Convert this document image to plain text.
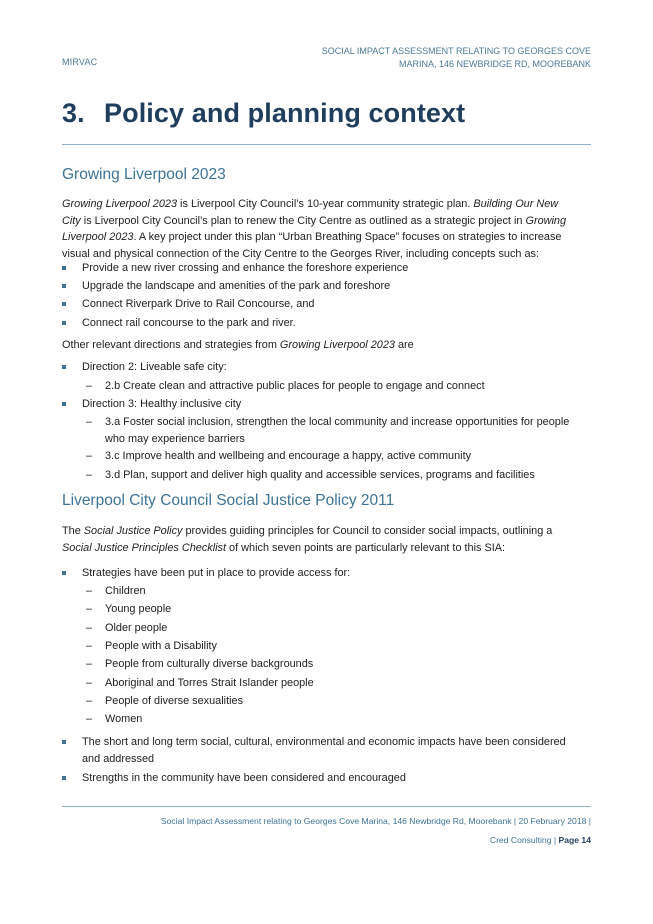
MIRVAC
SOCIAL IMPACT ASSESSMENT RELATING TO GEORGES COVE
MARINA, 146 NEWBRIDGE RD, MOOREBANK
3. Policy and planning context
Growing Liverpool 2023

Growing Liverpool 2023 is Liverpool City Council’s 10-year community strategic plan. Building Our New
City is Liverpool City Council’s plan to renew the City Centre as outlined as a strategic project in Growing
Liverpool 2023. A key project under this plan “Urban Breathing Space” focuses on strategies to increase
visual and physical connection of the City Centre to the Georges River, including concepts such as:

Provide a new river crossing and enhance the foreshore experience
Upgrade the landscape and amenities of the park and foreshore
Connect Riverpark Drive to Rail Concourse, and
Connect rail concourse to the park and river.

Other relevant directions and strategies from Growing Liverpool 2023 are

Direction 2: Liveable safe city:
– 2.b Create clean and attractive public places for people to engage and connect
Direction 3: Healthy inclusive city
– 3.a Foster social inclusion, strengthen the local community and increase opportunities for people
who may experience barriers
– 3.c Improve health and wellbeing and encourage a happy, active community
– 3.d Plan, support and deliver high quality and accessible services, programs and facilities
Liverpool City Council Social Justice Policy 2011

The Social Justice Policy provides guiding principles for Council to consider social impacts, outlining a
Social Justice Principles Checklist of which seven points are particularly relevant to this SIA:

Strategies have been put in place to provide access for:
– Children
– Young people
– Older people
– People with a Disability
– People from culturally diverse backgrounds
– Aboriginal and Torres Strait Islander people
– People of diverse sexualities
– Women
The short and long term social, cultural, environmental and economic impacts have been considered
and addressed
Strengths in the community have been considered and encouraged
Social Impact Assessment relating to Georges Cove Marina, 146 Newbridge Rd, Moorebank | 20 February 2018 |
Cred Consulting | Page 14
